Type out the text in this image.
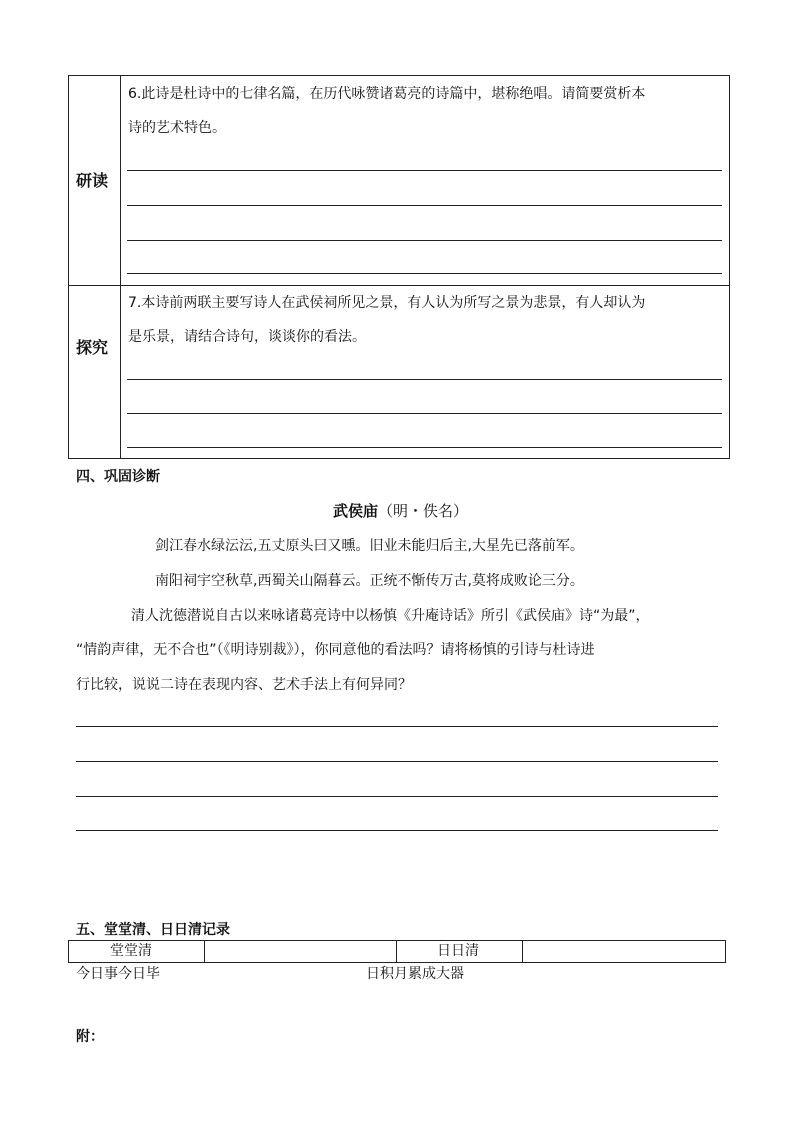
研读
6.此诗是杜诗中的七律名篇，在历代咏赞诸葛亮的诗篇中，堪称绝唱。请简要赏析本
诗的艺术特色。
探究
7.本诗前两联主要写诗人在武侯祠所见之景，有人认为所写之景为悲景，有人却认为
是乐景，请结合诗句，谈谈你的看法。
四、巩固诊断
武侯庙（明・佚名）
剑江春水绿沄沄,五丈原头曰又曛。旧业未能归后主,大星先已落前军。
南阳祠宇空秋草,西蜀关山隔暮云。正统不惭传万古,莫将成败论三分。
清人沈德潜说自古以来咏诸葛亮诗中以杨慎《升庵诗话》所引《武侯庙》诗“为最”，
“情韵声律，无不合也”（《明诗别裁》），你同意他的看法吗？请将杨慎的引诗与杜诗进
行比较，说说二诗在表现内容、艺术手法上有何异同？
五、堂堂清、日日清记录
堂堂清	日日清
今日事今日毕	日积月累成大器
附：
